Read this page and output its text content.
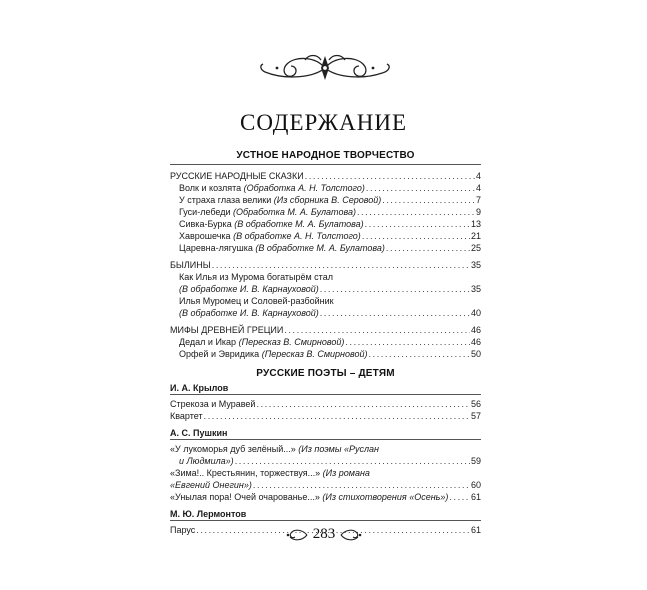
СОДЕРЖАНИЕ
УСТНОЕ НАРОДНОЕ ТВОРЧЕСТВО
РУССКИЕ НАРОДНЫЕ СКАЗКИ .....	4
Волк и козлята (Обработка А. Н. Толстого) .....	4
У страха глаза велики (Из сборника В. Серовой) .....	7
Гуси-лебеди (Обработка М. А. Булатова) .....	9
Сивка-Бурка (В обработке М. А. Булатова) .....	13
Хаврошечка (В обработке А. Н. Толстого) .....	21
Царевна-лягушка (В обработке М. А. Булатова) .....	25
БЫЛИНЫ .....	35
Как Илья из Мурома богатырём стал
(В обработке И. В. Карнауховой) .....	35
Илья Муромец и Соловей-разбойник
(В обработке И. В. Карнауховой) .....	40
МИФЫ ДРЕВНЕЙ ГРЕЦИИ .....	46
Дедал и Икар (Пересказ В. Смирновой) .....	46
Орфей и Эвридика (Пересказ В. Смирновой) .....	50
РУССКИЕ ПОЭТЫ – ДЕТЯМ
И. А. Крылов
Стрекоза и Муравей .....	56
Квартет .....	57
А. С. Пушкин
«У лукоморья дуб зелёный...» (Из поэмы «Руслан
и Людмила») .....	59
«Зима!.. Крестьянин, торжествуя...» (Из романа
«Евгений Онегин») .....	60
«Унылая пора! Очей очарованье...» (Из стихотворения «Осень») .....	61
М. Ю. Лермонтов
Парус .....	61
283
